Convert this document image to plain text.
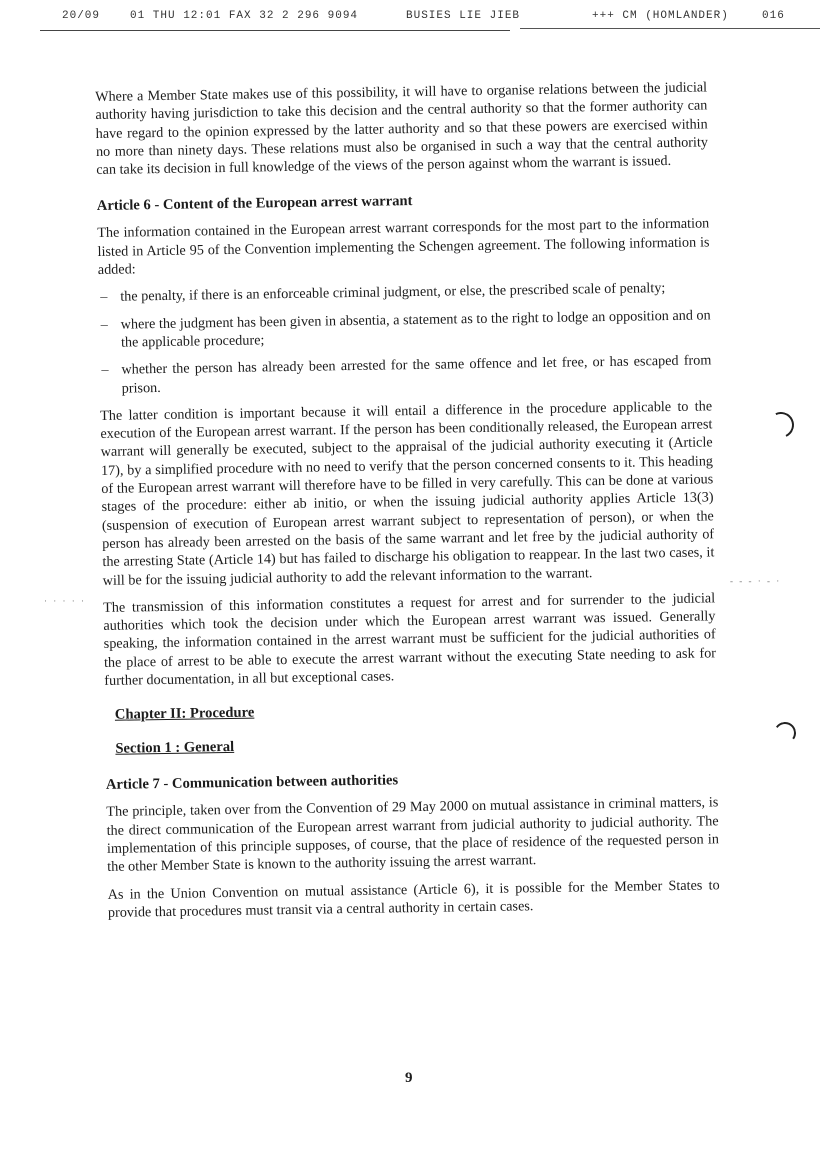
20/09	01 THU 12:01 FAX 32 2 296 9094	BUSIES LIE JIEB	+++ CM (HOMLANDER)	016

Where a Member State makes use of this possibility, it will have to organise relations between the judicial authority having jurisdiction to take this decision and the central authority so that the former authority can have regard to the opinion expressed by the latter authority and so that these powers are exercised within no more than ninety days. These relations must also be organised in such a way that the central authority can take its decision in full knowledge of the views of the person against whom the warrant is issued.

Article 6 - Content of the European arrest warrant

The information contained in the European arrest warrant corresponds for the most part to the information listed in Article 95 of the Convention implementing the Schengen agreement. The following information is added:

– the penalty, if there is an enforceable criminal judgment, or else, the prescribed scale of penalty;
– where the judgment has been given in absentia, a statement as to the right to lodge an opposition and on the applicable procedure;
– whether the person has already been arrested for the same offence and let free, or has escaped from prison.

The latter condition is important because it will entail a difference in the procedure applicable to the execution of the European arrest warrant. If the person has been conditionally released, the European arrest warrant will generally be executed, subject to the appraisal of the judicial authority executing it (Article 17), by a simplified procedure with no need to verify that the person concerned consents to it. This heading of the European arrest warrant will therefore have to be filled in very carefully. This can be done at various stages of the procedure: either ab initio, or when the issuing judicial authority applies Article 13(3) (suspension of execution of European arrest warrant subject to representation of person), or when the person has already been arrested on the basis of the same warrant and let free by the judicial authority of the arresting State (Article 14) but has failed to discharge his obligation to reappear. In the last two cases, it will be for the issuing judicial authority to add the relevant information to the warrant.

The transmission of this information constitutes a request for arrest and for surrender to the judicial authorities which took the decision under which the European arrest warrant was issued. Generally speaking, the information contained in the arrest warrant must be sufficient for the judicial authorities of the place of arrest to be able to execute the arrest warrant without the executing State needing to ask for further documentation, in all but exceptional cases.

Chapter II: Procedure
Section 1 : General
Article 7 - Communication between authorities

The principle, taken over from the Convention of 29 May 2000 on mutual assistance in criminal matters, is the direct communication of the European arrest warrant from judicial authority to judicial authority. The implementation of this principle supposes, of course, that the place of residence of the requested person in the other Member State is known to the authority issuing the arrest warrant.

As in the Union Convention on mutual assistance (Article 6), it is possible for the Member States to provide that procedures must transit via a central authority in certain cases.

9
· · · · ·
- - - · - ·
